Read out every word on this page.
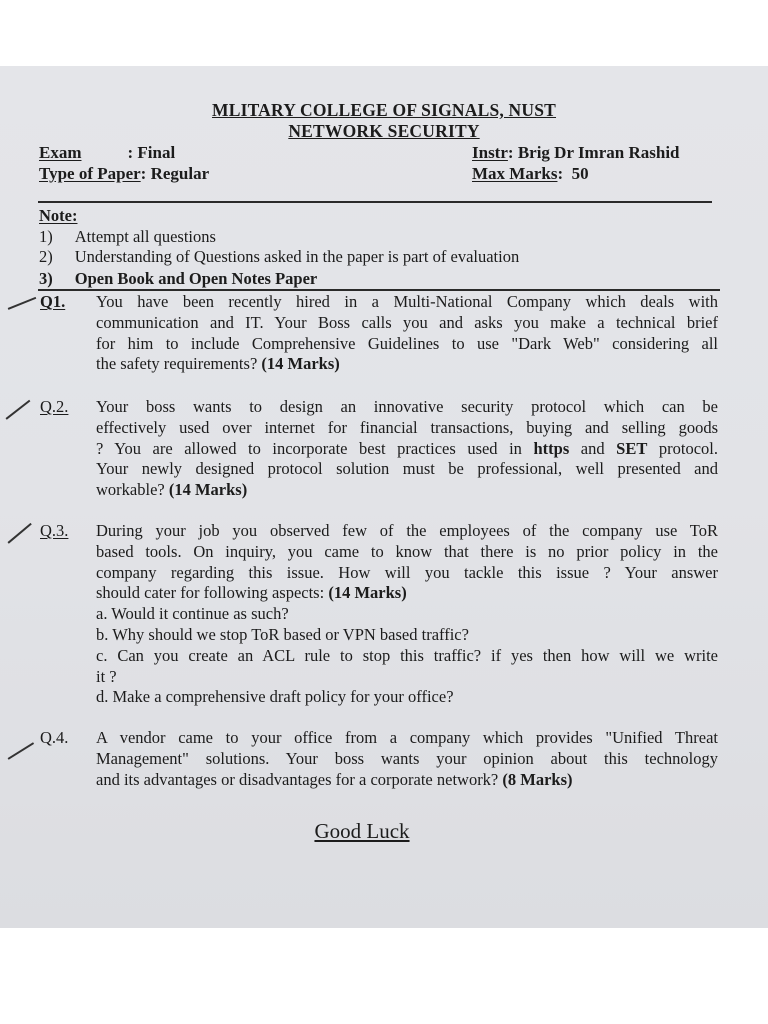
MLITARY COLLEGE OF SIGNALS, NUST
NETWORK SECURITY
Exam	: Final
Type of Paper: Regular
Instr: Brig Dr Imran Rashid
Max Marks:  50
Note:
1) Attempt all questions
2) Understanding of Questions asked in the paper is part of evaluation
3) Open Book and Open Notes Paper
Q1. You have been recently hired in a Multi-National Company which deals with
communication and IT. Your Boss calls you and asks you make a technical brief
for him to include Comprehensive Guidelines to use "Dark Web" considering all
the safety requirements? (14 Marks)
Q.2. Your boss wants to design an innovative security protocol which can be
effectively used over internet for financial transactions, buying and selling goods
? You are allowed to incorporate best practices used in https and SET protocol.
Your newly designed protocol solution must be professional, well presented and
workable? (14 Marks)
Q.3. During your job you observed few of the employees of the company use ToR
based tools. On inquiry, you came to know that there is no prior policy in the
company regarding this issue. How will you tackle this issue ? Your answer
should cater for following aspects: (14 Marks)
a. Would it continue as such?
b. Why should we stop ToR based or VPN based traffic?
c. Can you create an ACL rule to stop this traffic? if yes then how will we write
it ?
d. Make a comprehensive draft policy for your office?
Q.4. A vendor came to your office from a company which provides "Unified Threat
Management" solutions. Your boss wants your opinion about this technology
and its advantages or disadvantages for a corporate network? (8 Marks)
Good Luck
